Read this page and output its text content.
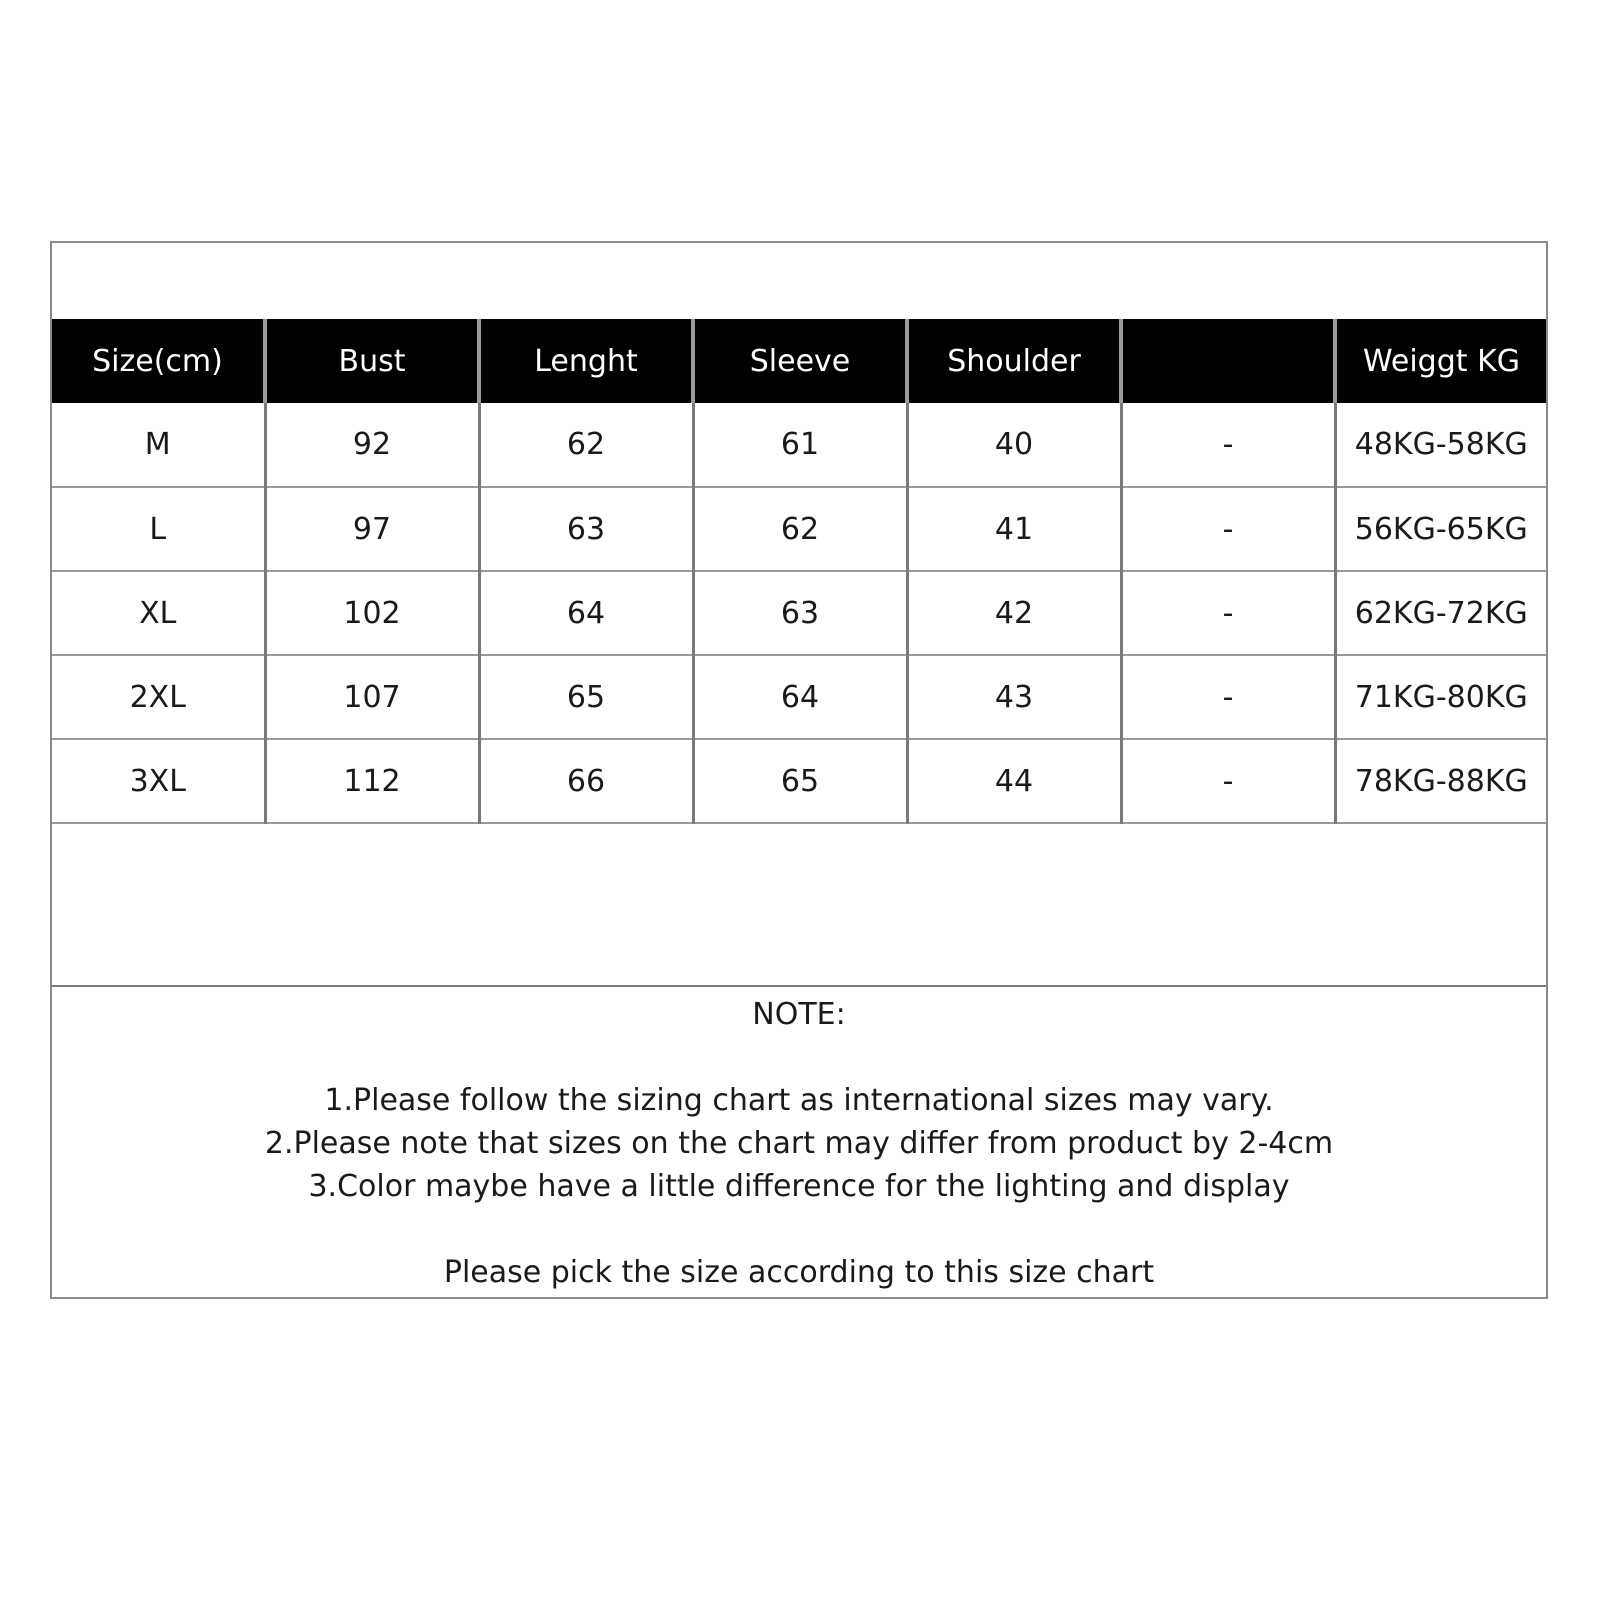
Size(cm)	Bust	Lenght	Sleeve	Shoulder		Weiggt KG
M	92	62	61	40	-	48KG-58KG
L	97	63	62	41	-	56KG-65KG
XL	102	64	63	42	-	62KG-72KG
2XL	107	65	64	43	-	71KG-80KG
3XL	112	66	65	44	-	78KG-88KG
NOTE:
1.Please follow the sizing chart as international sizes may vary.
2.Please note that sizes on the chart may differ from product by 2-4cm
3.Color maybe have a little difference for the lighting and display
Please pick the size according to this size chart
